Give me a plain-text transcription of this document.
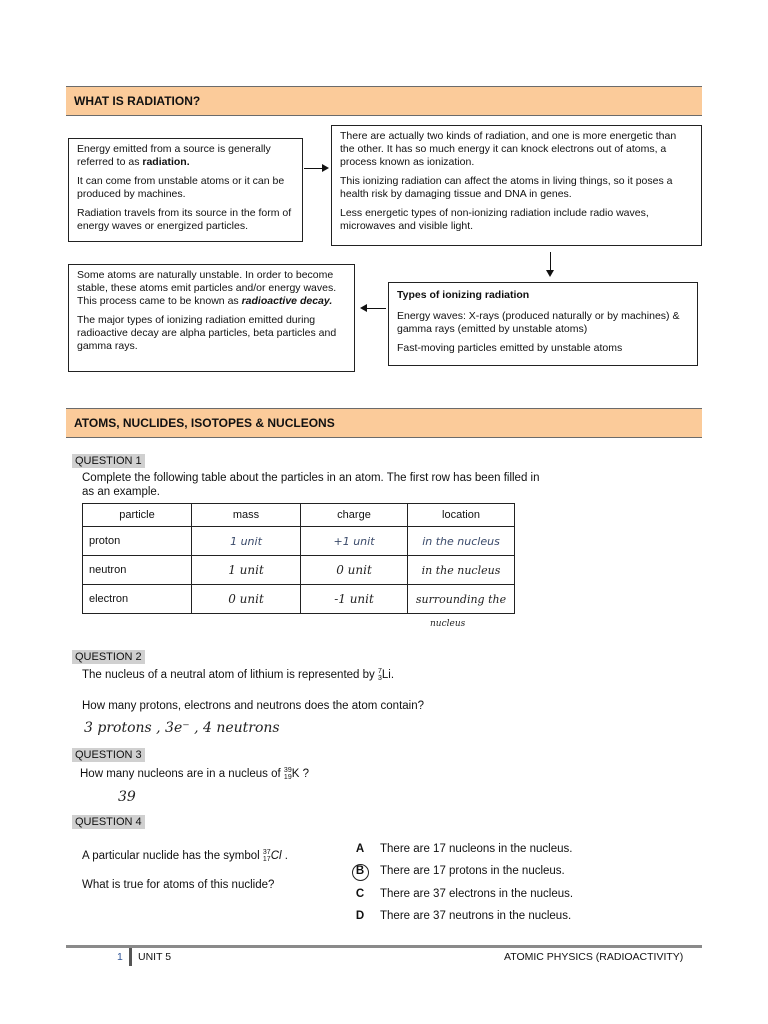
WHAT IS RADIATION?

Energy emitted from a source is generally referred to as radiation.

It can come from unstable atoms or it can be produced by machines.

Radiation travels from its source in the form of energy waves or energized particles.

There are actually two kinds of radiation, and one is more energetic than the other. It has so much energy it can knock electrons out of atoms, a process known as ionization.

This ionizing radiation can affect the atoms in living things, so it poses a health risk by damaging tissue and DNA in genes.

Less energetic types of non-ionizing radiation include radio waves, microwaves and visible light.

Some atoms are naturally unstable. In order to become stable, these atoms emit particles and/or energy waves. This process came to be known as radioactive decay.

The major types of ionizing radiation emitted during radioactive decay are alpha particles, beta particles and gamma rays.

Types of ionizing radiation

Energy waves: X-rays (produced naturally or by machines) & gamma rays (emitted by unstable atoms)

Fast-moving particles emitted by unstable atoms

ATOMS, NUCLIDES, ISOTOPES & NUCLEONS
QUESTION 1
Complete the following table about the particles in an atom. The first row has been filled in as an example.
particle	mass	charge	location
proton	1 unit	+1 unit	in the nucleus
neutron	1 unit	0 unit	in the nucleus
electron	0 unit	-1 unit	surrounding the
nucleus
QUESTION 2
The nucleus of a neutral atom of lithium is represented by 7
3 Li.
How many protons, electrons and neutrons does the atom contain?
3 protons , 3e⁻ , 4 neutrons
QUESTION 3
How many nucleons are in a nucleus of 39
19 K ?
39
QUESTION 4
A particular nuclide has the symbol 37
17 Cl .
What is true for atoms of this nuclide?
A There are 17 nucleons in the nucleus.
B There are 17 protons in the nucleus.
C There are 37 electrons in the nucleus.
D There are 37 neutrons in the nucleus.
1 UNIT 5	ATOMIC PHYSICS (RADIOACTIVITY)
